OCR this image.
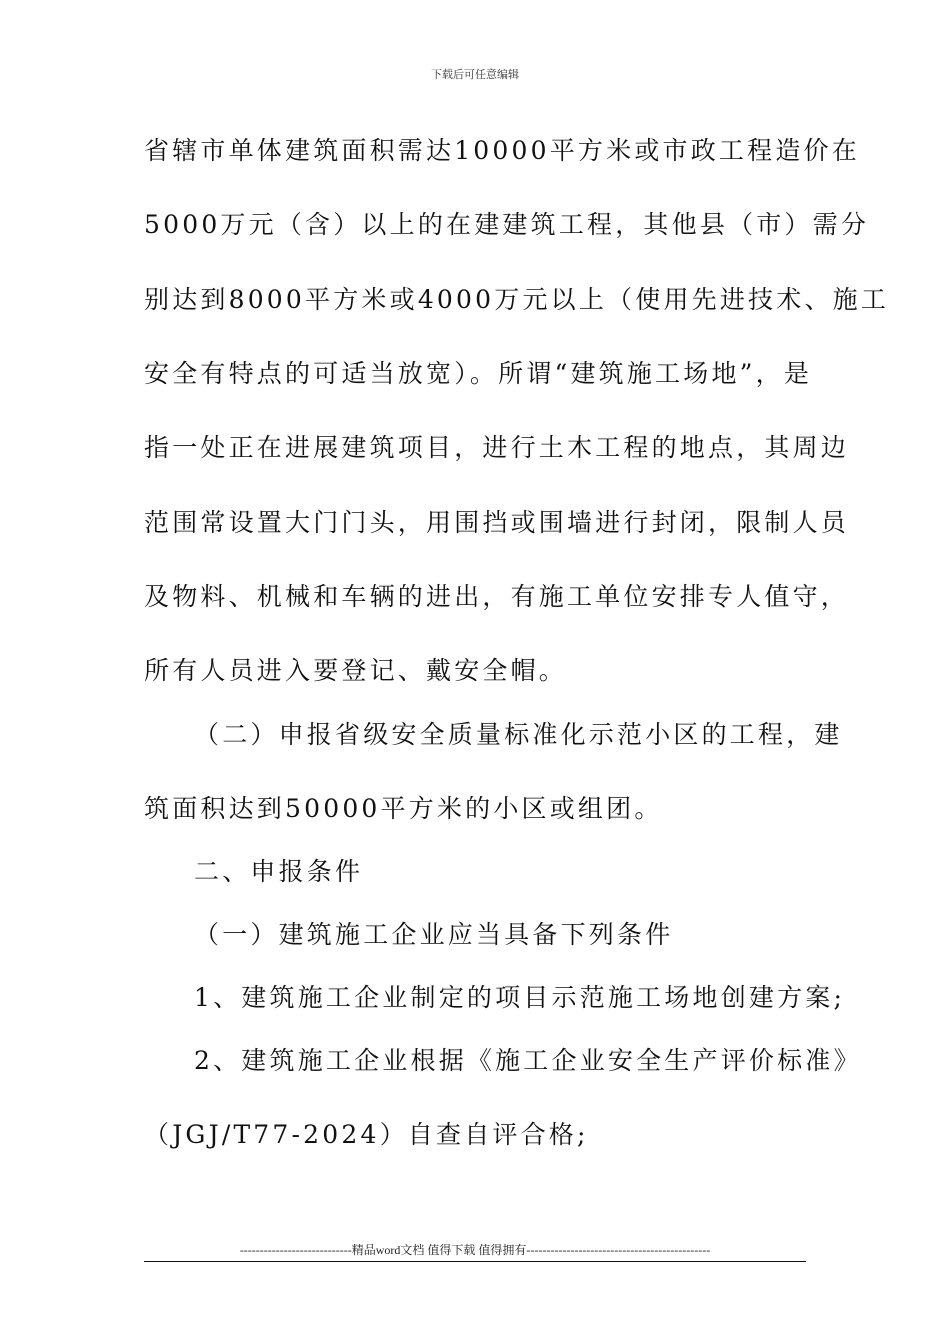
下载后可任意编辑
省辖市单体建筑面积需达10000平方米或市政工程造价在
5000万元（含）以上的在建建筑工程，其他县（市）需分
别达到8000平方米或4000万元以上（使用先进技术、施工
安全有特点的可适当放宽）。所谓“建筑施工场地”，是
指一处正在进展建筑项目，进行土木工程的地点，其周边
范围常设置大门门头，用围挡或围墙进行封闭，限制人员
及物料、机械和车辆的进出，有施工单位安排专人值守，
所有人员进入要登记、戴安全帽。
（二）申报省级安全质量标准化示范小区的工程，建
筑面积达到50000平方米的小区或组团。
二、申报条件
（一）建筑施工企业应当具备下列条件
1、建筑施工企业制定的项目示范施工场地创建方案;
2、建筑施工企业根据《施工企业安全生产评价标准》
（JGJ/T77-2024）自查自评合格;
----------------------------精品word文档 值得下载 值得拥有----------------------------------------------
